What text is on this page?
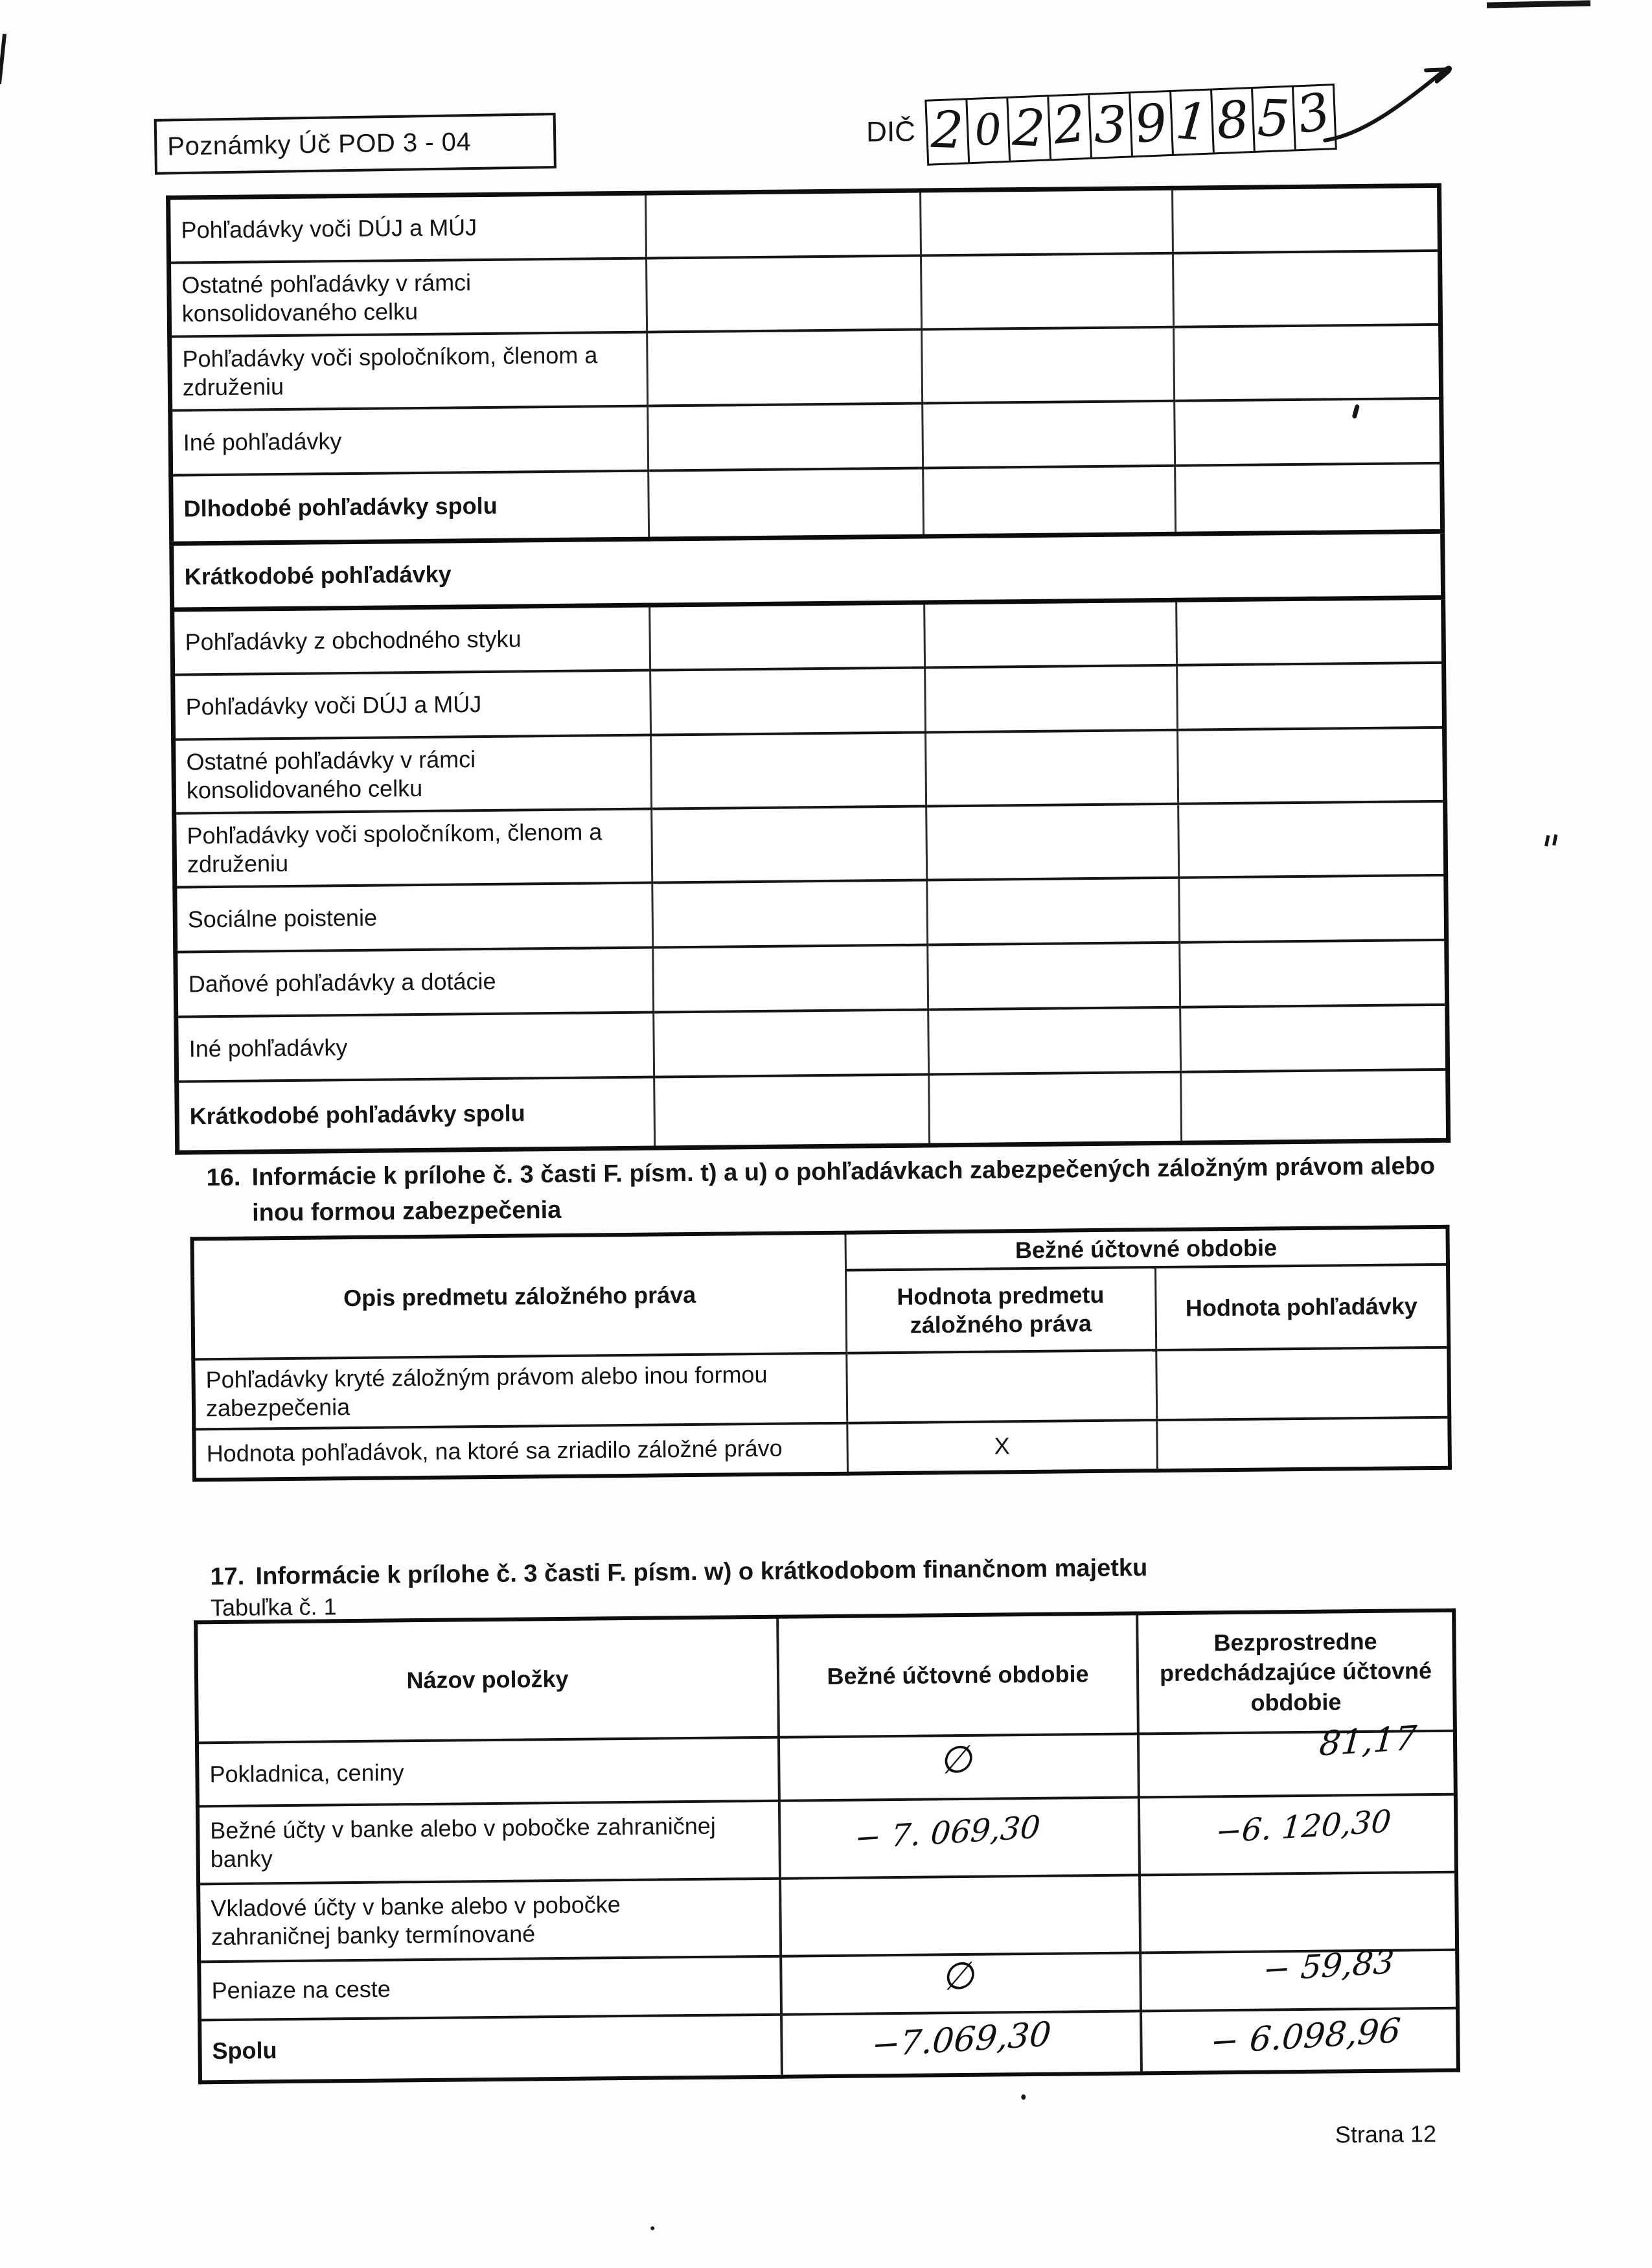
Poznámky Úč POD 3 - 04	DIČ 2 0 2 2 3 9 1 8 5 3
Pohľadávky voči DÚJ a MÚJ			
Ostatné pohľadávky v rámci konsolidovaného celku			
Pohľadávky voči spoločníkom, členom a združeniu			
Iné pohľadávky			
Dlhodobé pohľadávky spolu			
Krátkodobé pohľadávky			
Pohľadávky z obchodného styku			
Pohľadávky voči DÚJ a MÚJ			
Ostatné pohľadávky v rámci konsolidovaného celku			
Pohľadávky voči spoločníkom, členom a združeniu			
Sociálne poistenie			
Daňové pohľadávky a dotácie			
Iné pohľadávky			
Krátkodobé pohľadávky spolu			
16. Informácie k prílohe č. 3 časti F. písm. t) a u) o pohľadávkach zabezpečených záložným právom alebo
inou formou zabezpečenia
Opis predmetu záložného práva	Bežné účtovné obdobie	
	Hodnota predmetu záložného práva	Hodnota pohľadávky
Pohľadávky kryté záložným právom alebo inou formou zabezpečenia		
Hodnota pohľadávok, na ktoré sa zriadilo záložné právo	X	
17. Informácie k prílohe č. 3 časti F. písm. w) o krátkodobom finančnom majetku
Tabuľka č. 1
Názov položky	Bežné účtovné obdobie	Bezprostredne predchádzajúce účtovné obdobie
Pokladnica, ceniny	∅	81,17
Bežné účty v banke alebo v pobočke zahraničnej banky	− 7. 069,30	−6. 120,30
Vkladové účty v banke alebo v pobočke zahraničnej banky termínované		
Peniaze na ceste	∅	− 59,83
Spolu	−7.069,30	− 6.098,96
Strana 12
